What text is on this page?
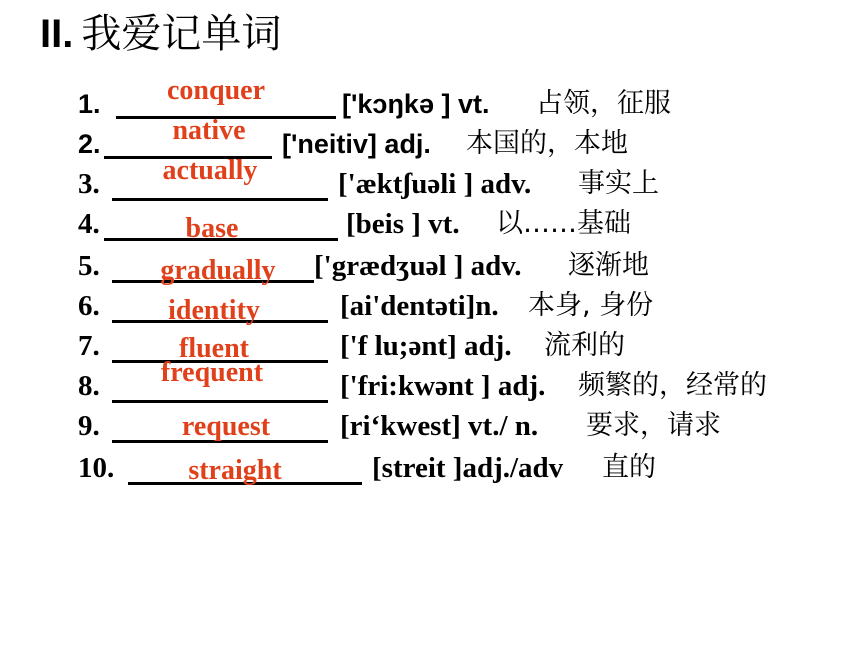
II. 我爱记单词
1.	conquer	['kɔŋkə ] vt. 占领，征服
2.	native	['neitiv] adj. 本国的，本地
3.	actually	['æktʃuəli ] adv. 事实上
4.	base	[beis ] vt. 以……基础
5.	gradually	['grædʒuəl ] adv. 逐渐地
6.	identity	[ai'dentəti]n. 本身, 身份
7.	fluent	['f lu;ənt] adj. 流利的
8.	frequent	['fri:kwənt ] adj. 频繁的，经常的
9.	request	[ri‘kwest] vt./ n. 要求，请求
10.	straight	[streit ]adj./adv 直的
